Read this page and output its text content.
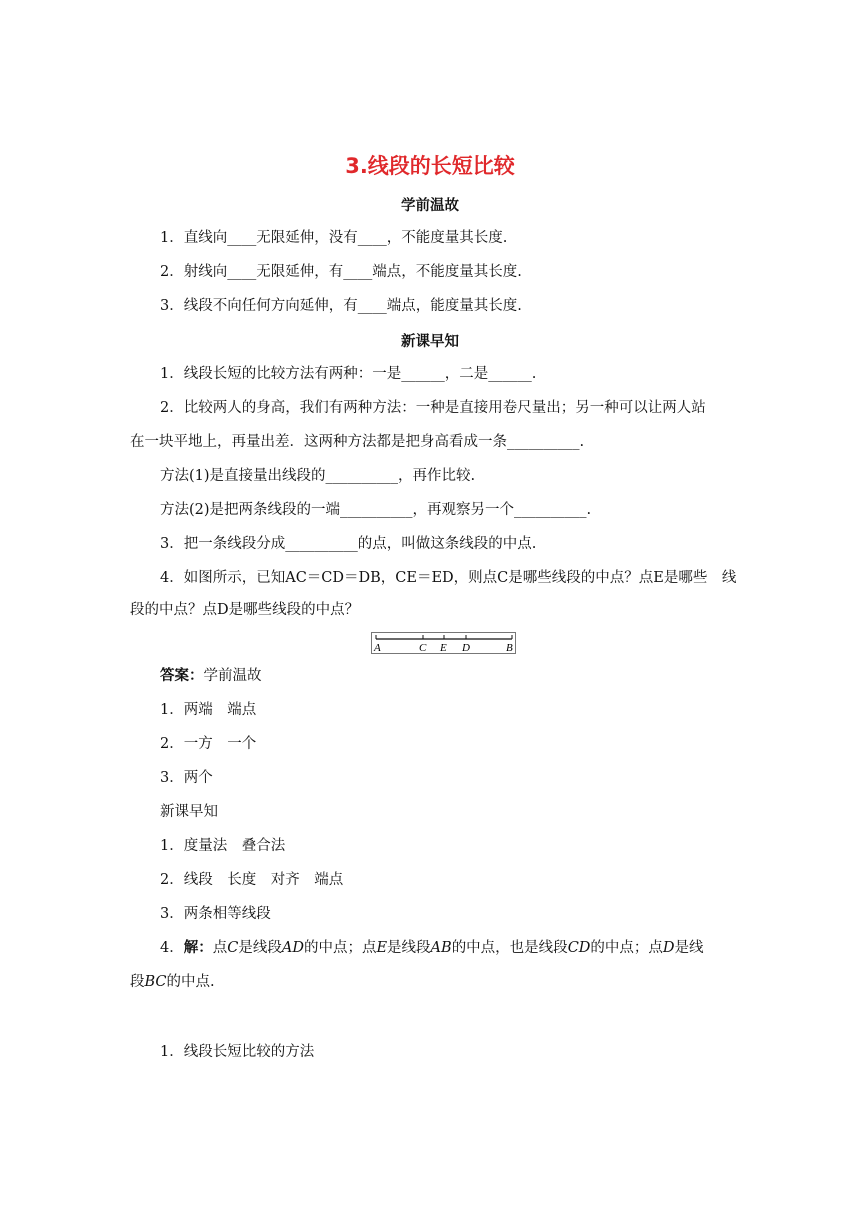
3.线段的长短比较
学前温故
1．直线向____无限延伸，没有____，不能度量其长度.
2．射线向____无限延伸，有____端点，不能度量其长度.
3．线段不向任何方向延伸，有____端点，能度量其长度.
新课早知
1．线段长短的比较方法有两种：一是______，二是______.
2．比较两人的身高，我们有两种方法：一种是直接用卷尺量出；另一种可以让两人站
在一块平地上，再量出差．这两种方法都是把身高看成一条__________.
方法(1)是直接量出线段的__________，再作比较.
方法(2)是把两条线段的一端__________，再观察另一个__________.
3．把一条线段分成__________的点，叫做这条线段的中点.
4．如图所示，已知AC＝CD＝DB，CE＝ED，则点C是哪些线段的中点？点E是哪些　线
段的中点？点D是哪些线段的中点？
A	C E D	B
答案：学前温故
1．两端　端点
2．一方　一个
3．两个
新课早知
1．度量法　叠合法
2．线段　长度　对齐　端点
3．两条相等线段
4．解：点C是线段AD的中点；点E是线段AB的中点，也是线段CD的中点；点D是线
段BC的中点.
1．线段长短比较的方法
